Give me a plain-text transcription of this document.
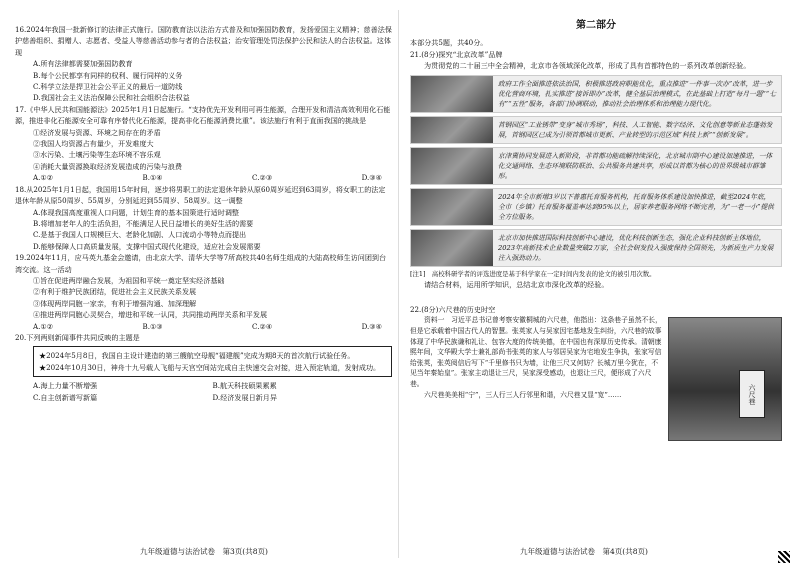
16.2024年我国一批新修订的法律正式施行。国防教育法以法治方式普及和加强国防教育，发扬爱国主义精神；慈善法保护慈善组织、捐赠人、志愿者、受益人等慈善活动参与者的合法权益；治安管理处罚法保护公民和法人的合法权益。这体现

A.所有法律都需要加强国防教育

B.每个公民都享有同样的权利、履行同样的义务

C.科学立法是捍卫社会公平正义的最后一道防线

D.我国社会主义法治保障公民和社会组织合法权益

17.《中华人民共和国能源法》2025年1月1日起施行。“支持优先开发利用可再生能源，合理开发和清洁高效利用化石能源，推进非化石能源安全可靠有序替代化石能源，提高非化石能源消费比重”。该法施行有利于直面我国的挑战是

①经济发展与资源、环境之间存在的矛盾

②我国人均资源占有量少，开发难度大

③水污染、土壤污染等生态环境不容乐观

④消耗大量资源换取经济发展造成的污染与浪费

A.①②	B.①④	C.②③	D.③④

18.从2025年1月1日起，我国用15年时间，逐步将男职工的法定退休年龄从原60周岁延迟到63周岁，将女职工的法定退休年龄从原50周岁、55周岁，分别延迟到55周岁、58周岁。这一调整

A.体现我国高度重视人口问题，计划生育的基本国策进行适时调整

B.将增加老年人的生活负担，不能满足人民日益增长的美好生活的需要

C.是基于我国人口规模巨大、老龄化加剧、人口流动小等特点而提出

D.能够保障人口高质量发展，支撑中国式现代化建设，适应社会发展需要

19.2024年11月，应马英九基金会邀请，由北京大学、清华大学等7所高校共40名师生组成的大陆高校师生访问团到台湾交流。这一活动

①旨在促进两岸融合发展，为祖国和平统一奠定坚实经济基础

②有利于维护民族团结，促进社会主义民族关系发展

③体现两岸同胞一家亲，有利于增强沟通、加深理解

④推进两岸同胞心灵契合，增进和平统一认同，共同推动两岸关系和平发展

A.①②	B.①③	C.②④	D.③④

20.下列两则新闻事件共同反映的主题是

★2024年5月8日，我国自主设计建造的第三艘航空母舰“福建舰”完成为期8天的首次航行试验任务。

★2024年10月30日，神舟十九号载人飞船与天宫空间站完成自主快速交会对接，进入预定轨道，发射成功。

A.海上力量不断增强	B.航天科技硕果累累
C.自主创新谱写新篇	D.经济发展日新月异
九年级道德与法治试卷　第3页(共8页)

第二部分

本部分共5题，共40分。

21.(8分)探究“北京改革”品牌

为贯彻党的二十届三中全会精神，北京市各领域深化改革，形成了具有首都特色的一系列改革创新经验。

政府工作全面推进依法治国，积极推进政府职能优化，重点推进“一件事一次办”改革，进一步优化营商环境，扎实推进“接诉即办”改革，健全基层治理模式，在此基础上打造“每月一题”“七有”“五性”服务，各部门协调联动，推动社会治理体系和治理能力现代化。
首钢园区“工业锈带”变身“城市秀场”，科技、人工智能、数字经济、文化创意等新业态蓬勃发展，首钢园区已成为引领首都城市更新、产业转型的示范区域“科技上新”“创新发展”。
京津冀协同发展进入新阶段，非首都功能疏解持续深化，北京城市副中心建设加速推进，一体化交通网络、生态环境联防联治、公共服务共建共享，形成以首都为核心的世界级城市群雏形。
2024年全市新增3岁以下普惠托育服务机构，托育服务体系建设加快推进，截至2024年底，全市（乡镇）托育服务覆盖率达到95%以上，居家养老服务网络不断完善，为“一老一小”提供全方位服务。
北京市加快推进国际科技创新中心建设，优化科技创新生态，强化企业科技创新主体地位，2023年高新技术企业数量突破2万家，全社会研发投入强度保持全国领先，为新质生产力发展注入强劲动力。

[注1]　高校科研学者的评选进度是基于科学家在一定时间内发表的论文的被引用次数。

请结合材料，运用所学知识，总结北京市深化改革的经验。

22.(8分)六尺巷的历史时空

六尺巷

资料一　习近平总书记曾考察安徽桐城的六尺巷，他指出：这条巷子虽然不长，但是它承载着中国古代人的智慧。张英家人与吴家因宅基地发生纠纷，六尺巷的故事体现了中华民族谦和礼让、包容大度的传统美德，在中国也有深厚历史传承。清朝康熙年间，文华殿大学士兼礼部尚书张英的家人与邻居吴家为宅地发生争执，张家写信给张英，张英阅信后写下“千里修书只为墙，让他三尺又何妨？长城万里今犹在，不见当年秦始皇”。张家主动退让三尺，吴家深受感动，也退让三尺，便形成了六尺巷。

六尺巷美美相“宁”，三人行三人行邻里和谐，六尺巷又显“宽”……

九年级道德与法治试卷　第4页(共8页)
